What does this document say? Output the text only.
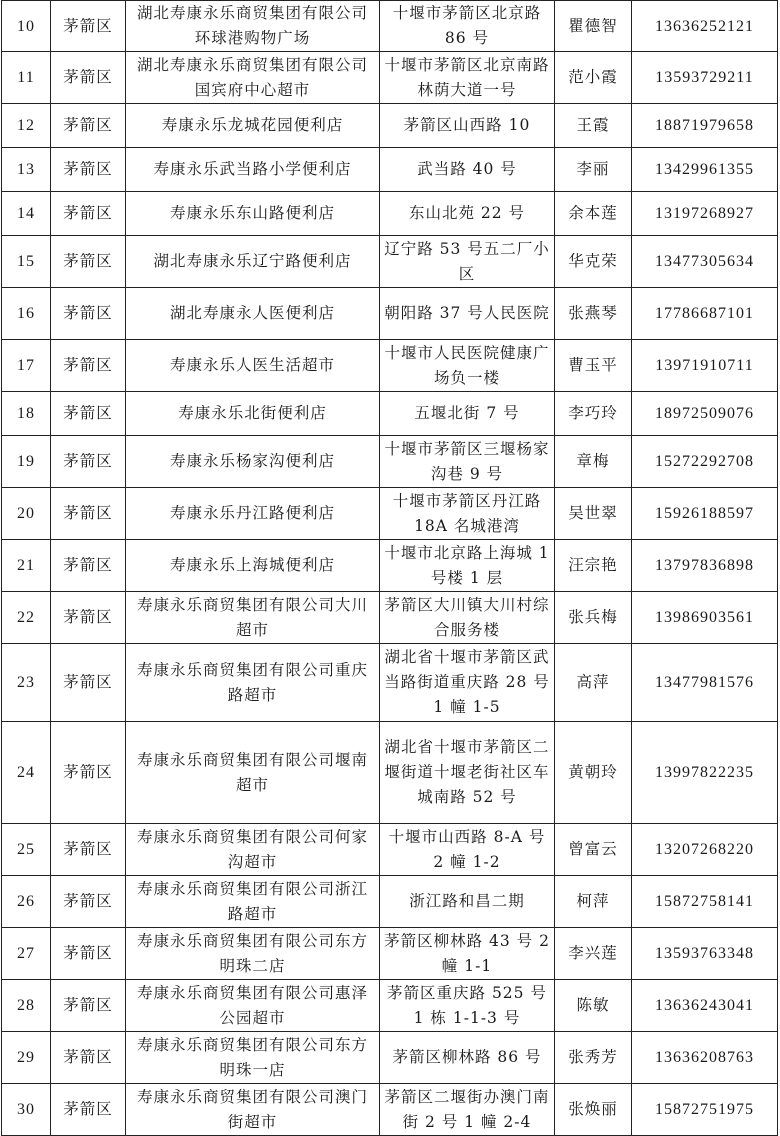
10	茅箭区	湖北寿康永乐商贸集团有限公司环球港购物广场	十堰市茅箭区北京路 86 号	瞿德智	13636252121
11	茅箭区	湖北寿康永乐商贸集团有限公司国宾府中心超市	十堰市茅箭区北京南路林荫大道一号	范小霞	13593729211
12	茅箭区	寿康永乐龙城花园便利店	茅箭区山西路 10	王霞	18871979658
13	茅箭区	寿康永乐武当路小学便利店	武当路 40 号	李丽	13429961355
14	茅箭区	寿康永乐东山路便利店	东山北苑 22 号	余本莲	13197268927
15	茅箭区	湖北寿康永乐辽宁路便利店	辽宁路 53 号五二厂小区	华克荣	13477305634
16	茅箭区	湖北寿康永人医便利店	朝阳路 37 号人民医院	张燕琴	17786687101
17	茅箭区	寿康永乐人医生活超市	十堰市人民医院健康广场负一楼	曹玉平	13971910711
18	茅箭区	寿康永乐北街便利店	五堰北街 7 号	李巧玲	18972509076
19	茅箭区	寿康永乐杨家沟便利店	十堰市茅箭区三堰杨家沟巷 9 号	章梅	15272292708
20	茅箭区	寿康永乐丹江路便利店	十堰市茅箭区丹江路 18A 名城港湾	吴世翠	15926188597
21	茅箭区	寿康永乐上海城便利店	十堰市北京路上海城 1 号楼 1 层	汪宗艳	13797836898
22	茅箭区	寿康永乐商贸集团有限公司大川超市	茅箭区大川镇大川村综合服务楼	张兵梅	13986903561
23	茅箭区	寿康永乐商贸集团有限公司重庆路超市	湖北省十堰市茅箭区武当路街道重庆路 28 号 1 幢 1-5	高萍	13477981576
24	茅箭区	寿康永乐商贸集团有限公司堰南超市	湖北省十堰市茅箭区二堰街道十堰老街社区车城南路 52 号	黄朝玲	13997822235
25	茅箭区	寿康永乐商贸集团有限公司何家沟超市	十堰市山西路 8-A 号 2 幢 1-2	曾富云	13207268220
26	茅箭区	寿康永乐商贸集团有限公司浙江路超市	浙江路和昌二期	柯萍	15872758141
27	茅箭区	寿康永乐商贸集团有限公司东方明珠二店	茅箭区柳林路 43 号 2 幢 1-1	李兴莲	13593763348
28	茅箭区	寿康永乐商贸集团有限公司惠泽公园超市	茅箭区重庆路 525 号 1 栋 1-1-3 号	陈敏	13636243041
29	茅箭区	寿康永乐商贸集团有限公司东方明珠一店	茅箭区柳林路 86 号	张秀芳	13636208763
30	茅箭区	寿康永乐商贸集团有限公司澳门街超市	茅箭区二堰街办澳门南街 2 号 1 幢 2-4	张焕丽	15872751975
